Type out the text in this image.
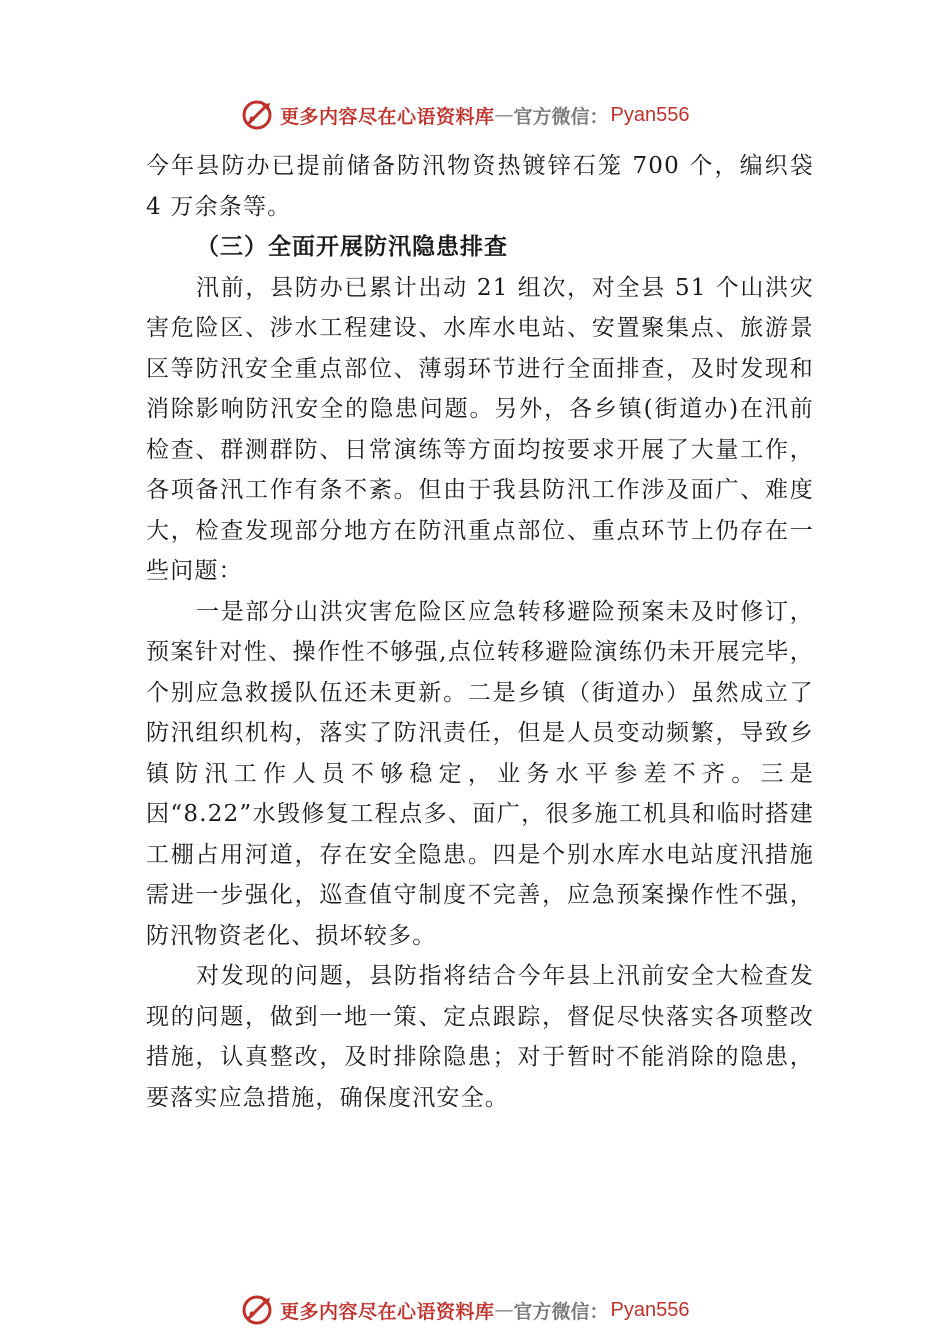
更多内容尽在心语资料库 — 官方微信： Pyan556

今年县防办已提前储备防汛物资热镀锌石笼 700 个，编织袋 4 万余条等。

（三）全面开展防汛隐患排查

汛前，县防办已累计出动 21 组次，对全县 51 个山洪灾害危险区、涉水工程建设、水库水电站、安置聚集点、旅游景区等防汛安全重点部位、薄弱环节进行全面排查，及时发现和消除影响防汛安全的隐患问题。另外，各乡镇(街道办)在汛前检查、群测群防、日常演练等方面均按要求开展了大量工作，各项备汛工作有条不紊。但由于我县防汛工作涉及面广、难度大，检查发现部分地方在防汛重点部位、重点环节上仍存在一些问题：

一是部分山洪灾害危险区应急转移避险预案未及时修订，预案针对性、操作性不够强,点位转移避险演练仍未开展完毕，个别应急救援队伍还未更新。二是乡镇（街道办）虽然成立了防汛组织机构，落实了防汛责任，但是人员变动频繁，导致乡镇防汛工作人员不够稳定，业务水平参差不齐。三是因“8.22”水毁修复工程点多、面广，很多施工机具和临时搭建工棚占用河道，存在安全隐患。四是个别水库水电站度汛措施需进一步强化，巡查值守制度不完善，应急预案操作性不强，防汛物资老化、损坏较多。

对发现的问题，县防指将结合今年县上汛前安全大检查发现的问题，做到一地一策、定点跟踪，督促尽快落实各项整改措施，认真整改，及时排除隐患；对于暂时不能消除的隐患，要落实应急措施，确保度汛安全。

更多内容尽在心语资料库 — 官方微信： Pyan556
